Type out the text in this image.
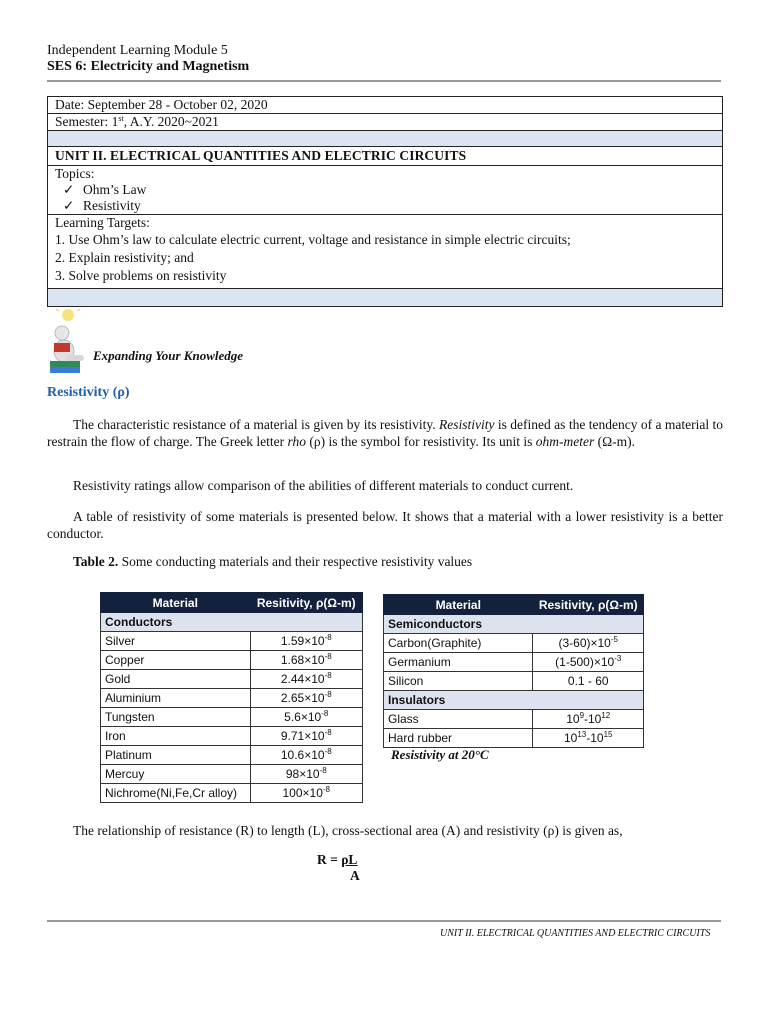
Independent Learning Module 5
SES 6: Electricity and Magnetism
Date: September 28 - October 02, 2020
Semester: 1st, A.Y. 2020~2021
UNIT II. ELECTRICAL QUANTITIES AND ELECTRIC CIRCUITS
Topics:
✓ Ohm’s Law
✓ Resistivity
Learning Targets:
1. Use Ohm’s law to calculate electric current, voltage and resistance in simple electric circuits;
2. Explain resistivity; and
3. Solve problems on resistivity
Expanding Your Knowledge
Resistivity (ρ)
The characteristic resistance of a material is given by its resistivity. Resistivity is defined as the tendency of a material to restrain the flow of charge. The Greek letter rho (ρ) is the symbol for resistivity. Its unit is ohm-meter (Ω-m).
Resistivity ratings allow comparison of the abilities of different materials to conduct current.
A table of resistivity of some materials is presented below. It shows that a material with a lower resistivity is a better conductor.
Table 2. Some conducting materials and their respective resistivity values
Material	Resitivity, ρ(Ω-m)
Conductors	
Silver	$1.59\times 10^{-8}$
Copper	$1.68\times 10^{-8}$
Gold	$2.44\times 10^{-8}$
Aluminium	$2.65\times 10^{-8}$
Tungsten	$5.6\times 10^{-8}$
Iron	$9.71\times 10^{-8}$
Platinum	$10.6\times 10^{-8}$
Mercuy	$98\times 10^{-8}$
Nichrome(Ni,Fe,Cr alloy)	$100\times 10^{-8}$
Material	Resitivity, ρ(Ω-m)
Semiconductors	
Carbon(Graphite)	$(3-60)\times 10^{-5}$
Germanium	$(1-500)\times 10^{-3}$
Silicon	0.1 - 60
Insulators	
Glass	$10^9-10^{12}$
Hard rubber	$10^{13}-10^{15}$
Resistivity at 20°C
The relationship of resistance (R) to length (L), cross-sectional area (A) and resistivity (ρ) is given as,
R = ρL
A
UNIT II. ELECTRICAL QUANTITIES AND ELECTRIC CIRCUITS
